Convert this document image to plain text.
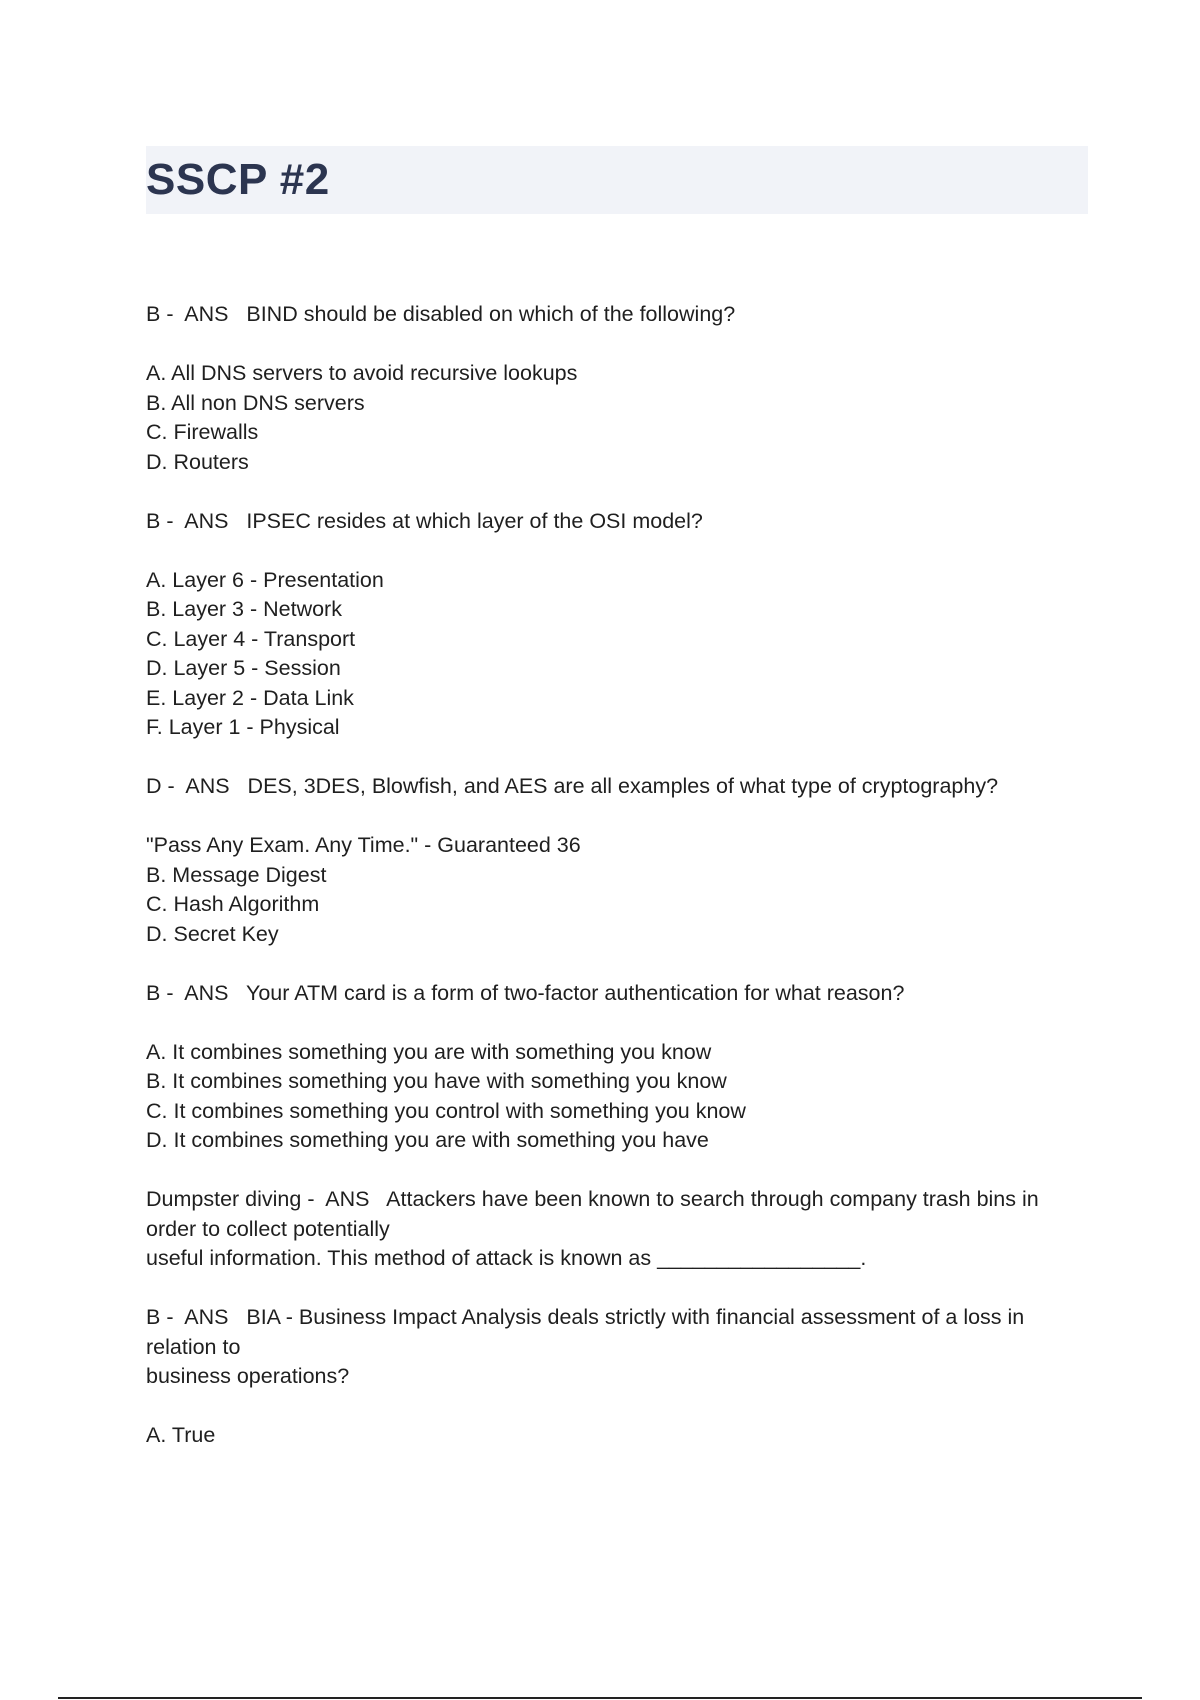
SSCP #2
B -  ANS   BIND should be disabled on which of the following?
A. All DNS servers to avoid recursive lookups
B. All non DNS servers
C. Firewalls
D. Routers
B -  ANS   IPSEC resides at which layer of the OSI model?
A. Layer 6 - Presentation
B. Layer 3 - Network
C. Layer 4 - Transport
D. Layer 5 - Session
E. Layer 2 - Data Link
F. Layer 1 - Physical
D -  ANS   DES, 3DES, Blowfish, and AES are all examples of what type of cryptography?
"Pass Any Exam. Any Time." - Guaranteed 36
B. Message Digest
C. Hash Algorithm
D. Secret Key
B -  ANS   Your ATM card is a form of two-factor authentication for what reason?
A. It combines something you are with something you know
B. It combines something you have with something you know
C. It combines something you control with something you know
D. It combines something you are with something you have
Dumpster diving -  ANS   Attackers have been known to search through company trash bins in
order to collect potentially
useful information. This method of attack is known as _________________.
B -  ANS   BIA - Business Impact Analysis deals strictly with financial assessment of a loss in
relation to
business operations?
A. True
